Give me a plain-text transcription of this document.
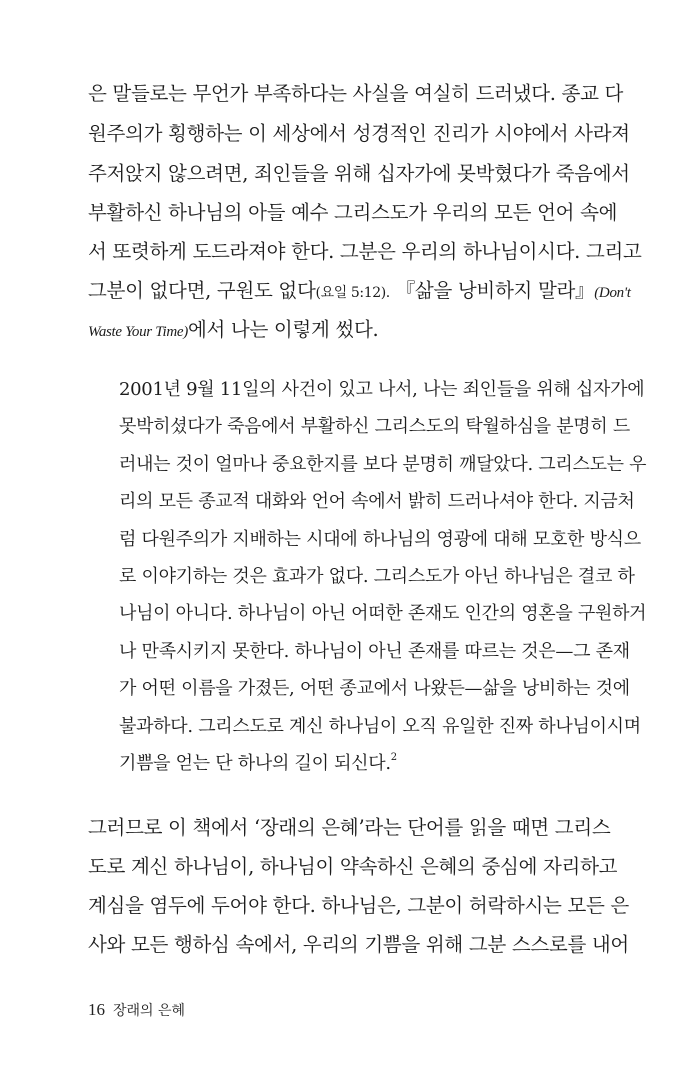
은 말들로는 무언가 부족하다는 사실을 여실히 드러냈다. 종교 다
원주의가 횡행하는 이 세상에서 성경적인 진리가 시야에서 사라져
주저앉지 않으려면, 죄인들을 위해 십자가에 못박혔다가 죽음에서
부활하신 하나님의 아들 예수 그리스도가 우리의 모든 언어 속에
서 또렷하게 도드라져야 한다. 그분은 우리의 하나님이시다. 그리고
그분이 없다면, 구원도 없다(요일 5:12). 『삶을 낭비하지 말라』(Don't
Waste Your Time)에서 나는 이렇게 썼다.
2001년 9월 11일의 사건이 있고 나서, 나는 죄인들을 위해 십자가에
못박히셨다가 죽음에서 부활하신 그리스도의 탁월하심을 분명히 드
러내는 것이 얼마나 중요한지를 보다 분명히 깨달았다. 그리스도는 우
리의 모든 종교적 대화와 언어 속에서 밝히 드러나셔야 한다. 지금처
럼 다원주의가 지배하는 시대에 하나님의 영광에 대해 모호한 방식으
로 이야기하는 것은 효과가 없다. 그리스도가 아닌 하나님은 결코 하
나님이 아니다. 하나님이 아닌 어떠한 존재도 인간의 영혼을 구원하거
나 만족시키지 못한다. 하나님이 아닌 존재를 따르는 것은—그 존재
가 어떤 이름을 가졌든, 어떤 종교에서 나왔든—삶을 낭비하는 것에
불과하다. 그리스도로 계신 하나님이 오직 유일한 진짜 하나님이시며
기쁨을 얻는 단 하나의 길이 되신다.$^2$
그러므로 이 책에서 ‘장래의 은혜’라는 단어를 읽을 때면 그리스
도로 계신 하나님이, 하나님이 약속하신 은혜의 중심에 자리하고
계심을 염두에 두어야 한다. 하나님은, 그분이 허락하시는 모든 은
사와 모든 행하심 속에서, 우리의 기쁨을 위해 그분 스스로를 내어
16 장래의 은혜
